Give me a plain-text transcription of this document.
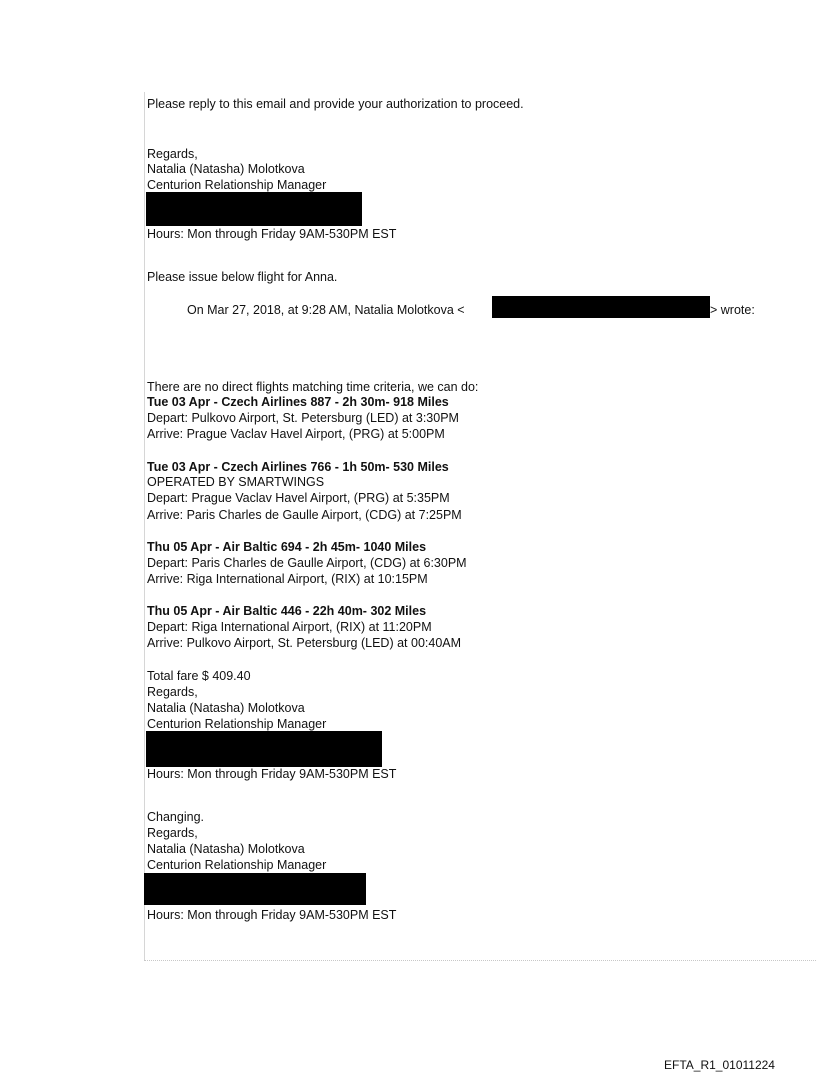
Please reply to this email and provide your authorization to proceed.
Regards,
Natalia (Natasha) Molotkova
Centurion Relationship Manager
Hours: Mon through Friday 9AM-530PM EST
Please issue below flight for Anna.
On Mar 27, 2018, at 9:28 AM, Natalia Molotkova <	> wrote:
There are no direct flights matching time criteria, we can do:
Tue 03 Apr - Czech Airlines 887 - 2h 30m- 918 Miles
Depart: Pulkovo Airport, St. Petersburg (LED) at 3:30PM
Arrive: Prague Vaclav Havel Airport, (PRG) at 5:00PM
Tue 03 Apr - Czech Airlines 766 - 1h 50m- 530 Miles
OPERATED BY SMARTWINGS
Depart: Prague Vaclav Havel Airport, (PRG) at 5:35PM
Arrive: Paris Charles de Gaulle Airport, (CDG) at 7:25PM
Thu 05 Apr - Air Baltic 694 - 2h 45m- 1040 Miles
Depart: Paris Charles de Gaulle Airport, (CDG) at 6:30PM
Arrive: Riga International Airport, (RIX) at 10:15PM
Thu 05 Apr - Air Baltic 446 - 22h 40m- 302 Miles
Depart: Riga International Airport, (RIX) at 11:20PM
Arrive: Pulkovo Airport, St. Petersburg (LED) at 00:40AM
Total fare $ 409.40
Regards,
Natalia (Natasha) Molotkova
Centurion Relationship Manager
Hours: Mon through Friday 9AM-530PM EST
Changing.
Regards,
Natalia (Natasha) Molotkova
Centurion Relationship Manager
Hours: Mon through Friday 9AM-530PM EST
EFTA_R1_01011224
